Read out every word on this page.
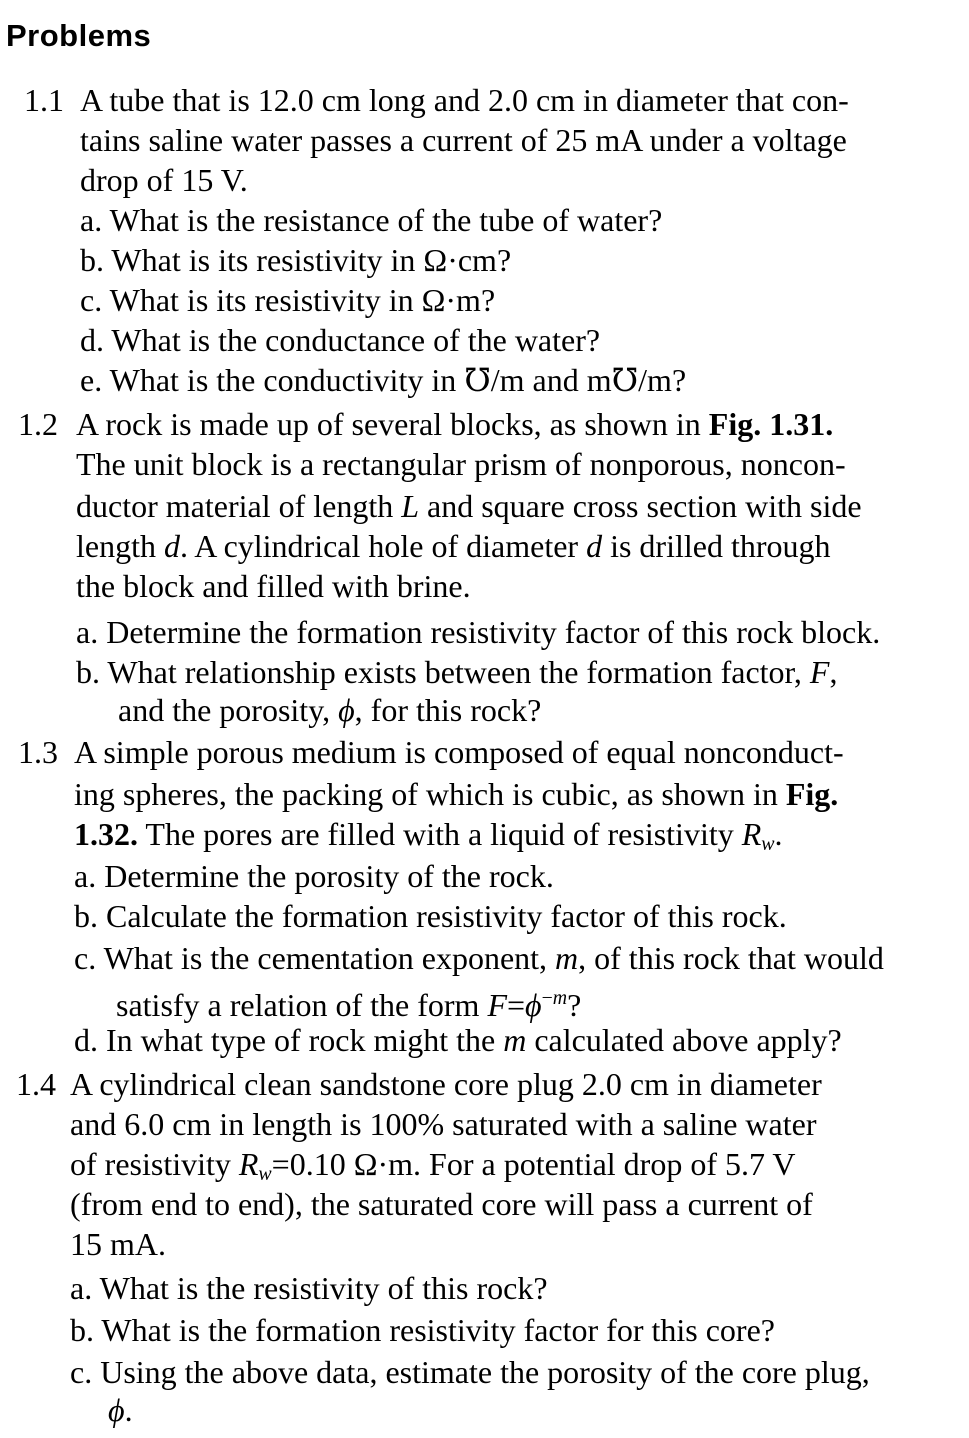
Problems
1.1 A tube that is 12.0 cm long and 2.0 cm in diameter that con-
tains saline water passes a current of 25 mA under a voltage
drop of 15 V.
a. What is the resistance of the tube of water?
b. What is its resistivity in Ω·cm?
c. What is its resistivity in Ω·m?
d. What is the conductance of the water?
e. What is the conductivity in ℧/m and m℧/m?
1.2 A rock is made up of several blocks, as shown in Fig. 1.31.
The unit block is a rectangular prism of nonporous, noncon-
ductor material of length L and square cross section with side
length d. A cylindrical hole of diameter d is drilled through
the block and filled with brine.
a. Determine the formation resistivity factor of this rock block.
b. What relationship exists between the formation factor, F,
and the porosity, ϕ, for this rock?
1.3 A simple porous medium is composed of equal nonconduct-
ing spheres, the packing of which is cubic, as shown in Fig.
1.32. The pores are filled with a liquid of resistivity $R_w$.
a. Determine the porosity of the rock.
b. Calculate the formation resistivity factor of this rock.
c. What is the cementation exponent, m, of this rock that would
satisfy a relation of the form $F=\phi^{-m}$?
d. In what type of rock might the m calculated above apply?
1.4 A cylindrical clean sandstone core plug 2.0 cm in diameter
and 6.0 cm in length is 100% saturated with a saline water
of resistivity $R_w=0.10$ Ω·m. For a potential drop of 5.7 V
(from end to end), the saturated core will pass a current of
15 mA.
a. What is the resistivity of this rock?
b. What is the formation resistivity factor for this core?
c. Using the above data, estimate the porosity of the core plug,
ϕ.
